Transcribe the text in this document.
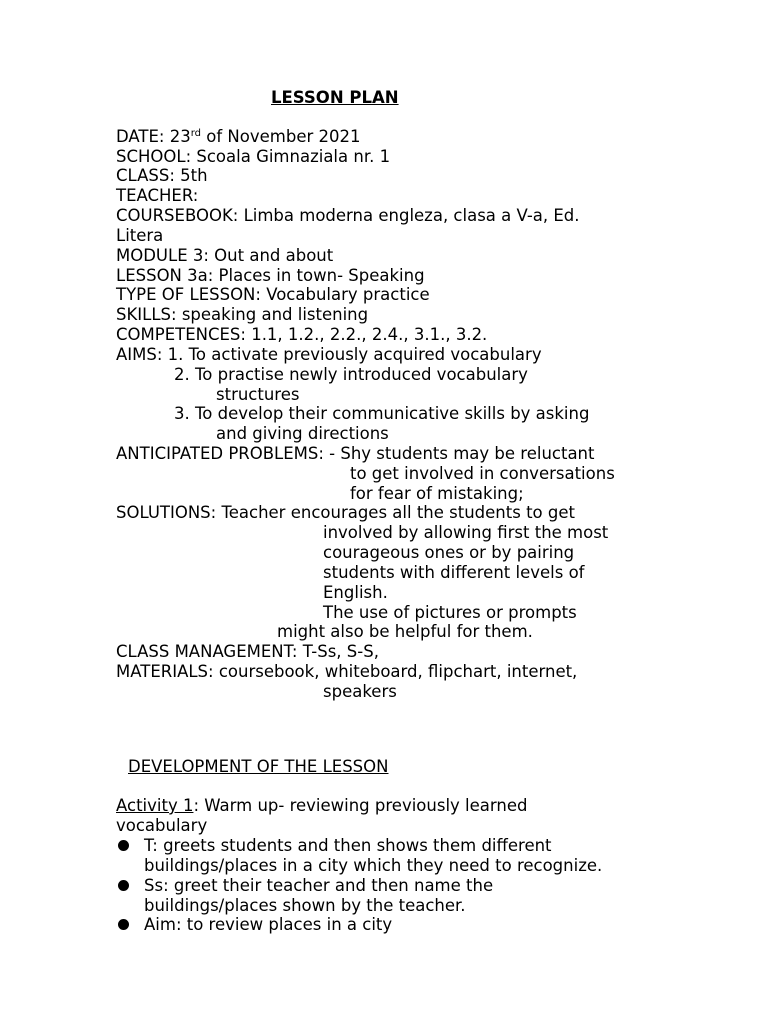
LESSON PLAN
DATE: 23rd of November 2021
SCHOOL: Scoala Gimnaziala nr. 1
CLASS: 5th
TEACHER:
COURSEBOOK: Limba moderna engleza, clasa a V-a, Ed.
Litera
MODULE 3: Out and about
LESSON 3a: Places in town- Speaking
TYPE OF LESSON: Vocabulary practice
SKILLS: speaking and listening
COMPETENCES: 1.1, 1.2., 2.2., 2.4., 3.1., 3.2.
AIMS: 1. To activate previously acquired vocabulary
2. To practise newly introduced vocabulary
structures
3. To develop their communicative skills by asking
and giving directions
ANTICIPATED PROBLEMS: - Shy students may be reluctant
to get involved in conversations
for fear of mistaking;
SOLUTIONS: Teacher encourages all the students to get
involved by allowing first the most
courageous ones or by pairing
students with different levels of
English.
The use of pictures or prompts
might also be helpful for them.
CLASS MANAGEMENT: T-Ss, S-S,
MATERIALS: coursebook, whiteboard, flipchart, internet,
speakers
DEVELOPMENT OF THE LESSON
Activity 1: Warm up- reviewing previously learned
vocabulary
T: greets students and then shows them different
buildings/places in a city which they need to recognize.
Ss: greet their teacher and then name the
buildings/places shown by the teacher.
Aim: to review places in a city
